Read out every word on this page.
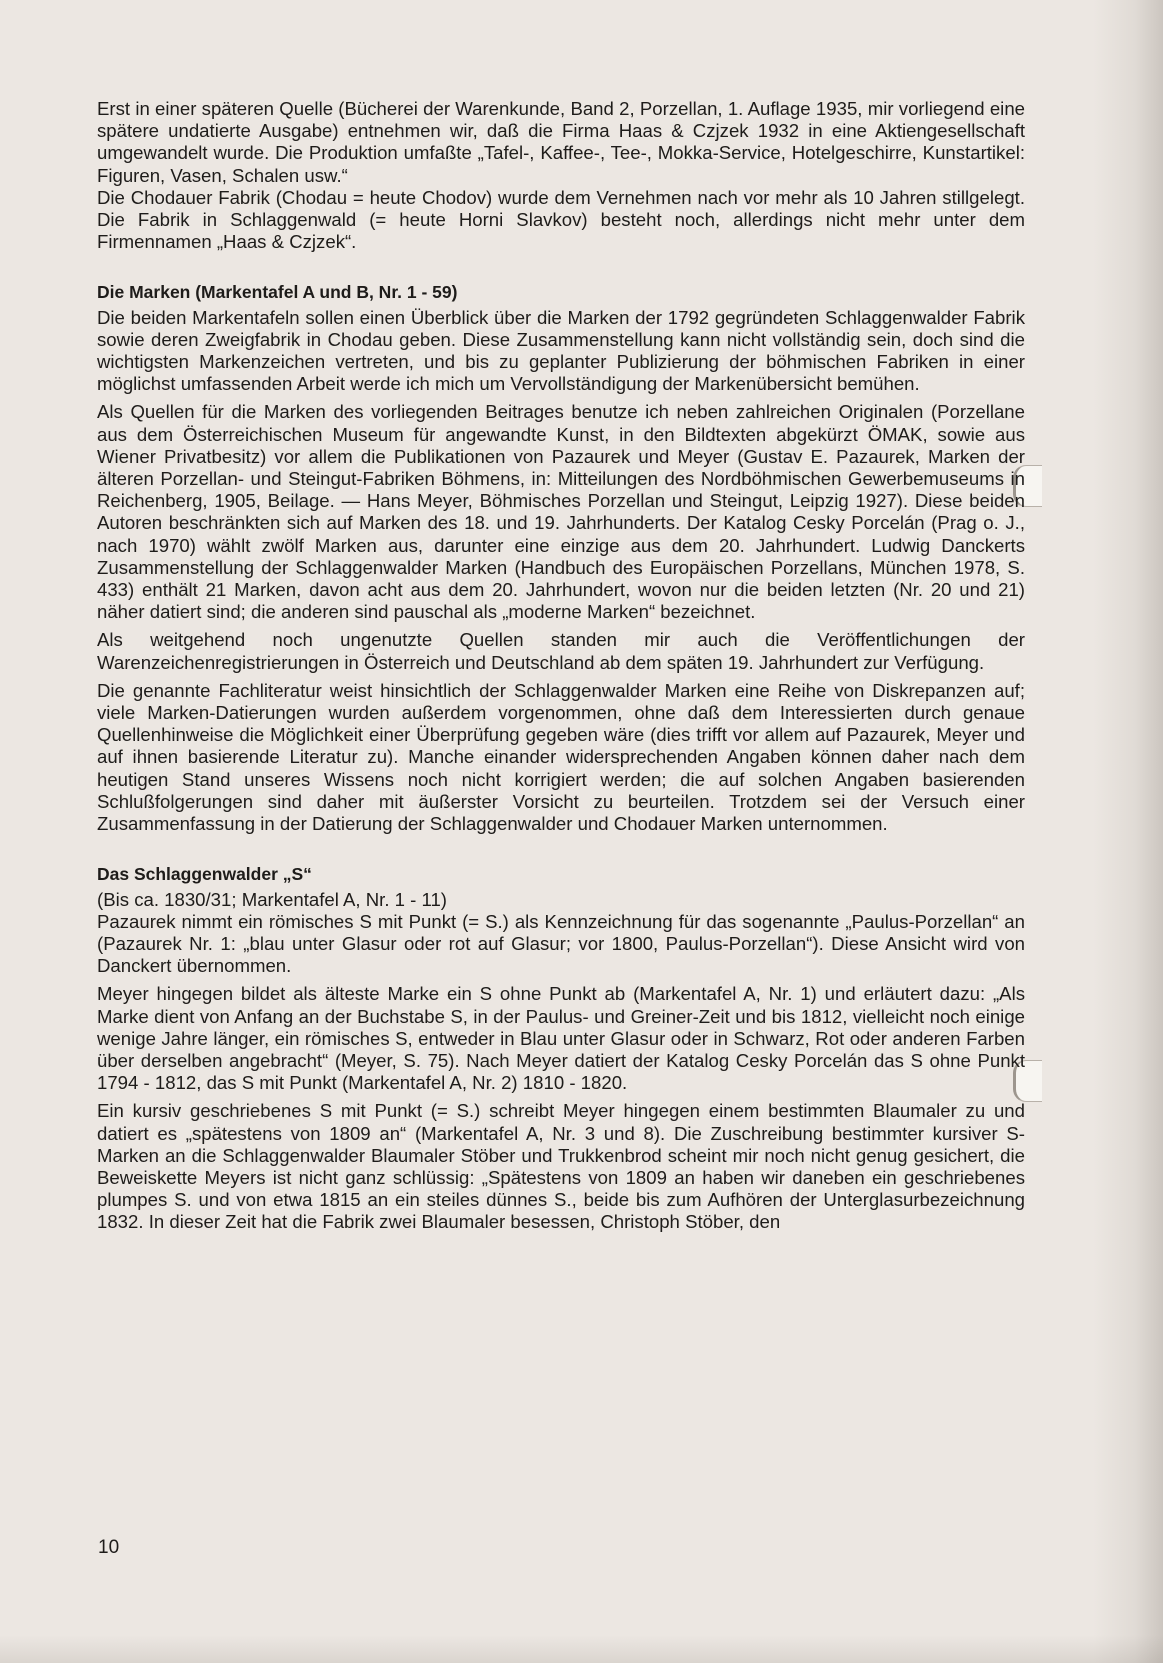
Erst in einer späteren Quelle (Bücherei der Warenkunde, Band 2, Porzellan, 1. Auflage 1935, mir vorliegend eine spätere undatierte Ausgabe) entnehmen wir, daß die Firma Haas & Czjzek 1932 in eine Aktiengesellschaft umgewandelt wurde. Die Produktion umfaßte „Tafel-, Kaffee-, Tee-, Mokka-Service, Hotelgeschirre, Kunstartikel: Figuren, Vasen, Schalen usw.“

Die Chodauer Fabrik (Chodau = heute Chodov) wurde dem Vernehmen nach vor mehr als 10 Jahren stillgelegt. Die Fabrik in Schlaggenwald (= heute Horni Slavkov) besteht noch, allerdings nicht mehr unter dem Firmennamen „Haas & Czjzek“.

Die Marken (Markentafel A und B, Nr. 1 - 59)

Die beiden Markentafeln sollen einen Überblick über die Marken der 1792 gegründeten Schlaggenwalder Fabrik sowie deren Zweigfabrik in Chodau geben. Diese Zusammenstellung kann nicht vollständig sein, doch sind die wichtigsten Markenzeichen vertreten, und bis zu geplanter Publizierung der böhmischen Fabriken in einer möglichst umfassenden Arbeit werde ich mich um Vervollständigung der Markenübersicht bemühen.

Als Quellen für die Marken des vorliegenden Beitrages benutze ich neben zahlreichen Originalen (Porzellane aus dem Österreichischen Museum für angewandte Kunst, in den Bildtexten abgekürzt ÖMAK, sowie aus Wiener Privatbesitz) vor allem die Publikationen von Pazaurek und Meyer (Gustav E. Pazaurek, Marken der älteren Porzellan- und Steingut-Fabriken Böhmens, in: Mitteilungen des Nordböhmischen Gewerbemuseums in Reichenberg, 1905, Beilage. — Hans Meyer, Böhmisches Porzellan und Steingut, Leipzig 1927). Diese beiden Autoren beschränkten sich auf Marken des 18. und 19. Jahrhunderts. Der Katalog Cesky Porcelán (Prag o. J., nach 1970) wählt zwölf Marken aus, darunter eine einzige aus dem 20. Jahrhundert. Ludwig Danckerts Zusammenstellung der Schlaggenwalder Marken (Handbuch des Europäischen Porzellans, München 1978, S. 433) enthält 21 Marken, davon acht aus dem 20. Jahrhundert, wovon nur die beiden letzten (Nr. 20 und 21) näher datiert sind; die anderen sind pauschal als „moderne Marken“ bezeichnet.

Als weitgehend noch ungenutzte Quellen standen mir auch die Veröffentlichungen der Warenzeichenregistrierungen in Österreich und Deutschland ab dem späten 19. Jahrhundert zur Verfügung.

Die genannte Fachliteratur weist hinsichtlich der Schlaggenwalder Marken eine Reihe von Diskrepanzen auf; viele Marken-Datierungen wurden außerdem vorgenommen, ohne daß dem Interessierten durch genaue Quellenhinweise die Möglichkeit einer Überprüfung gegeben wäre (dies trifft vor allem auf Pazaurek, Meyer und auf ihnen basierende Literatur zu). Manche einander widersprechenden Angaben können daher nach dem heutigen Stand unseres Wissens noch nicht korrigiert werden; die auf solchen Angaben basierenden Schlußfolgerungen sind daher mit äußerster Vorsicht zu beurteilen. Trotzdem sei der Versuch einer Zusammenfassung in der Datierung der Schlaggenwalder und Chodauer Marken unternommen.

Das Schlaggenwalder „S“

(Bis ca. 1830/31; Markentafel A, Nr. 1 - 11)

Pazaurek nimmt ein römisches S mit Punkt (= S.) als Kennzeichnung für das sogenannte „Paulus-Porzellan“ an (Pazaurek Nr. 1: „blau unter Glasur oder rot auf Glasur; vor 1800, Paulus-Porzellan“). Diese Ansicht wird von Danckert übernommen.

Meyer hingegen bildet als älteste Marke ein S ohne Punkt ab (Markentafel A, Nr. 1) und erläutert dazu: „Als Marke dient von Anfang an der Buchstabe S, in der Paulus- und Greiner-Zeit und bis 1812, vielleicht noch einige wenige Jahre länger, ein römisches S, entweder in Blau unter Glasur oder in Schwarz, Rot oder anderen Farben über derselben angebracht“ (Meyer, S. 75). Nach Meyer datiert der Katalog Cesky Porcelán das S ohne Punkt 1794 - 1812, das S mit Punkt (Markentafel A, Nr. 2) 1810 - 1820.

Ein kursiv geschriebenes S mit Punkt (= S.) schreibt Meyer hingegen einem bestimmten Blaumaler zu und datiert es „spätestens von 1809 an“ (Markentafel A, Nr. 3 und 8). Die Zuschreibung bestimmter kursiver S-Marken an die Schlaggenwalder Blaumaler Stöber und Trukkenbrod scheint mir noch nicht genug gesichert, die Beweiskette Meyers ist nicht ganz schlüssig: „Spätestens von 1809 an haben wir daneben ein geschriebenes plumpes S. und von etwa 1815 an ein steiles dünnes S., beide bis zum Aufhören der Unterglasurbezeichnung 1832. In dieser Zeit hat die Fabrik zwei Blaumaler besessen, Christoph Stöber, den

10
